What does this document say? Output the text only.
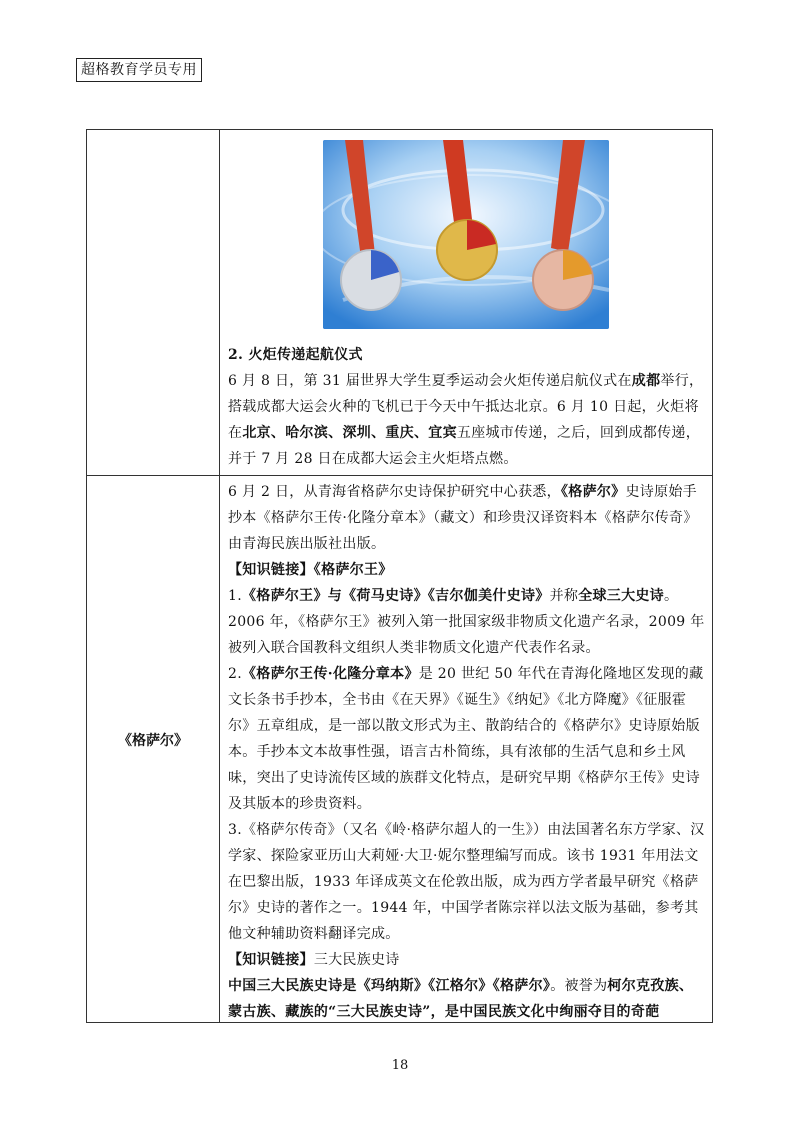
超格教育学员专用

2. 火炬传递起航仪式

6 月 8 日，第 31 届世界大学生夏季运动会火炬传递启航仪式在成都举行，搭载成都大运会火种的飞机已于今天中午抵达北京。6 月 10 日起，火炬将在北京、哈尔滨、深圳、重庆、宜宾五座城市传递，之后，回到成都传递，并于 7 月 28 日在成都大运会主火炬塔点燃。

《格萨尔》

6 月 2 日，从青海省格萨尔史诗保护研究中心获悉，《格萨尔》史诗原始手抄本《格萨尔王传·化隆分章本》（藏文）和珍贵汉译资料本《格萨尔传奇》由青海民族出版社出版。

【知识链接】《格萨尔王》

1.《格萨尔王》与《荷马史诗》《吉尔伽美什史诗》并称全球三大史诗。2006 年，《格萨尔王》被列入第一批国家级非物质文化遗产名录，2009 年被列入联合国教科文组织人类非物质文化遗产代表作名录。

2.《格萨尔王传·化隆分章本》是 20 世纪 50 年代在青海化隆地区发现的藏文长条书手抄本，全书由《在天界》《诞生》《纳妃》《北方降魔》《征服霍尔》五章组成，是一部以散文形式为主、散韵结合的《格萨尔》史诗原始版本。手抄本文本故事性强，语言古朴简练，具有浓郁的生活气息和乡土风味，突出了史诗流传区域的族群文化特点，是研究早期《格萨尔王传》史诗及其版本的珍贵资料。

3.《格萨尔传奇》（又名《岭·格萨尔超人的一生》）由法国著名东方学家、汉学家、探险家亚历山大莉娅·大卫·妮尔整理编写而成。该书 1931 年用法文在巴黎出版，1933 年译成英文在伦敦出版，成为西方学者最早研究《格萨尔》史诗的著作之一。1944 年，中国学者陈宗祥以法文版为基础，参考其他文种辅助资料翻译完成。

【知识链接】三大民族史诗

中国三大民族史诗是《玛纳斯》《江格尔》《格萨尔》。被誉为柯尔克孜族、蒙古族、藏族的“三大民族史诗”，是中国民族文化中绚丽夺目的奇葩

18
